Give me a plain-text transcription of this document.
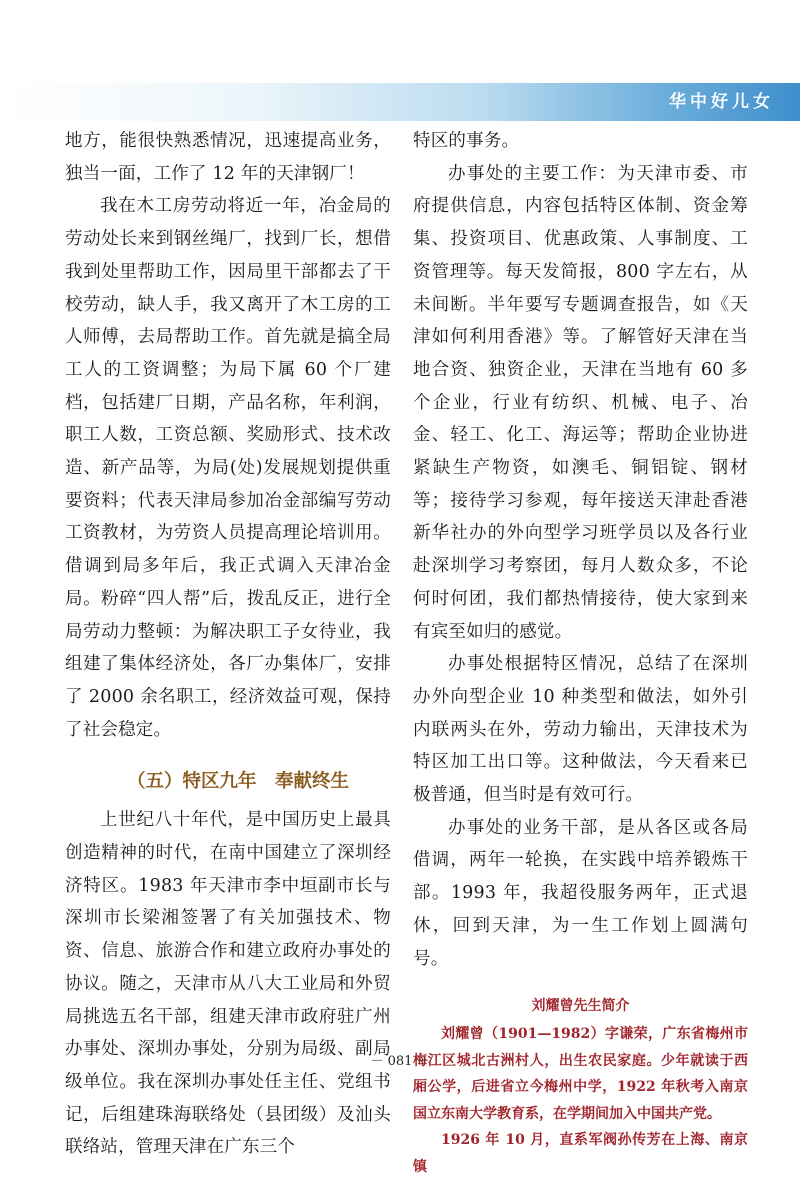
华中好儿女

地方，能很快熟悉情况，迅速提高业务，独当一面，工作了 12 年的天津钢厂！

我在木工房劳动将近一年，冶金局的劳动处长来到钢丝绳厂，找到厂长，想借我到处里帮助工作，因局里干部都去了干校劳动，缺人手，我又离开了木工房的工人师傅，去局帮助工作。首先就是搞全局工人的工资调整；为局下属 60 个厂建档，包括建厂日期，产品名称，年利润，职工人数，工资总额、奖励形式、技术改造、新产品等，为局(处)发展规划提供重要资料；代表天津局参加冶金部编写劳动工资教材，为劳资人员提高理论培训用。借调到局多年后，我正式调入天津冶金局。粉碎“四人帮”后，拨乱反正，进行全局劳动力整顿：为解决职工子女待业，我组建了集体经济处，各厂办集体厂，安排了 2000 余名职工，经济效益可观，保持了社会稳定。

（五）特区九年　奉献终生

上世纪八十年代，是中国历史上最具创造精神的时代，在南中国建立了深圳经济特区。1983 年天津市李中垣副市长与深圳市长梁湘签署了有关加强技术、物资、信息、旅游合作和建立政府办事处的协议。随之，天津市从八大工业局和外贸局挑选五名干部，组建天津市政府驻广州办事处、深圳办事处，分别为局级、副局级单位。我在深圳办事处任主任、党组书记，后组建珠海联络处（县团级）及汕头联络站，管理天津在广东三个

特区的事务。

办事处的主要工作：为天津市委、市府提供信息，内容包括特区体制、资金筹集、投资项目、优惠政策、人事制度、工资管理等。每天发简报，800 字左右，从未间断。半年要写专题调查报告，如《天津如何利用香港》等。了解管好天津在当地合资、独资企业，天津在当地有 60 多个企业，行业有纺织、机械、电子、冶金、轻工、化工、海运等；帮助企业协进紧缺生产物资，如澳毛、铜铝锭、钢材等；接待学习参观，每年接送天津赴香港新华社办的外向型学习班学员以及各行业赴深圳学习考察团，每月人数众多，不论何时何团，我们都热情接待，使大家到来有宾至如归的感觉。

办事处根据特区情况，总结了在深圳办外向型企业 10 种类型和做法，如外引内联两头在外，劳动力输出，天津技术为特区加工出口等。这种做法，今天看来已极普通，但当时是有效可行。

办事处的业务干部，是从各区或各局借调，两年一轮换，在实践中培养锻炼干部。1993 年，我超役服务两年，正式退休，回到天津，为一生工作划上圆满句号。

刘耀曾先生简介

刘耀曾（1901—1982）字谦荣，广东省梅州市梅江区城北古洲村人，出生农民家庭。少年就读于西厢公学，后进省立今梅州中学，1922 年秋考入南京国立东南大学教育系，在学期间加入中国共产党。

1926 年 10 月，直系军阀孙传芳在上海、南京镇

－ 081 －
